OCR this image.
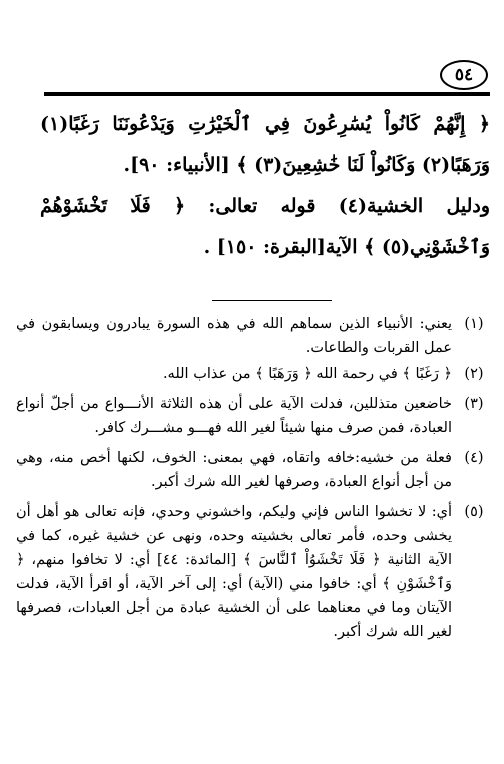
٥٤

﴿ إِنَّهُمْ كَانُواْ يُسَٰرِعُونَ فِي ٱلْخَيْرَٰتِ وَيَدْعُونَنَا رَغَبًا(١) وَرَهَبًا(٢) وَكَانُواْ لَنَا خَٰشِعِينَ(٣) ﴾ [الأنبياء: ٩٠].

ودليل الخشية(٤) قوله تعالى: ﴿ فَلَا تَخْشَوْهُمْ وَٱخْشَوْنِي(٥) ﴾ الآية[البقرة: ١٥٠] .

(١)
يعني: الأنبياء الذين سماهم الله في هذه السورة يبادرون ويسابقون في عمل القربات والطاعات.
(٢)
﴿ رَغَبًا ﴾ في رحمة الله ﴿ وَرَهَبًا ﴾ من عذاب الله.
(٣)
خاضعين متذللين، فدلت الآية على أن هذه الثلاثة الأنـــواع من أجلّ أنواع العبادة، فمن صرف منها شيئاً لغير الله فهـــو مشـــرك كافر.
(٤)
فعلة من خشيه:خافه واتقاه، فهي بمعنى: الخوف، لكنها أخص منه، وهي من أجل أنواع العبادة، وصرفها لغير الله شرك أكبر.
(٥)
أي: لا تخشوا الناس فإني وليكم، واخشوني وحدي، فإنه تعالى هو أهل أن يخشى وحده، فأمر تعالى بخشيته وحده، ونهى عن خشية غيره، كما في الآية الثانية ﴿ فَلَا تَخْشَوُاْ ٱلنَّاسَ ﴾ [المائدة: ٤٤] أي: لا تخافوا منهم، ﴿ وَٱخْشَوْنِ ﴾ أي: خافوا مني (الآية) أي: إلى آخر الآية، أو اقرأ الآية، فدلت الآيتان وما في معناهما على أن الخشية عبادة من أجل العبادات، فصرفها لغير الله شرك أكبر.
